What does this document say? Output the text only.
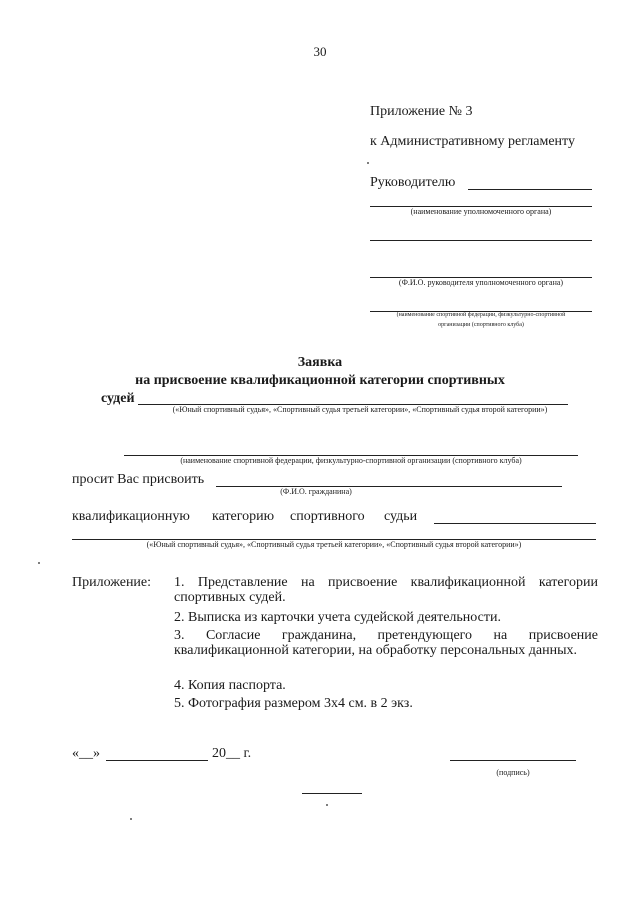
30
Приложение № 3
к Административному регламенту
Руководителю
(наименование уполномоченного органа)
(Ф.И.О. руководителя уполномоченного органа)
(наименование спортивной федерации, физкультурно-спортивной
организации (спортивного клуба)
Заявка
на присвоение квалификационной категории спортивных
судей
(«Юный спортивный судья», «Спортивный судья третьей категории», «Спортивный судья второй категории»)
(наименование спортивной федерации, физкультурно-спортивной организации (спортивного клуба)
просит Вас присвоить
(Ф.И.О. гражданина)
квалификационную категорию спортивного судьи
(«Юный спортивный судья», «Спортивный судья третьей категории», «Спортивный судья второй категории»)
Приложение: 1. Представление на присвоение квалификационной категории спортивных судей.
2. Выписка из карточки учета судейской деятельности.
3. Согласие гражданина, претендующего на присвоение квалификационной категории, на обработку персональных данных.
4. Копия паспорта.
5. Фотография размером 3х4 см. в 2 экз.
«__»	20__ г.
(подпись)
